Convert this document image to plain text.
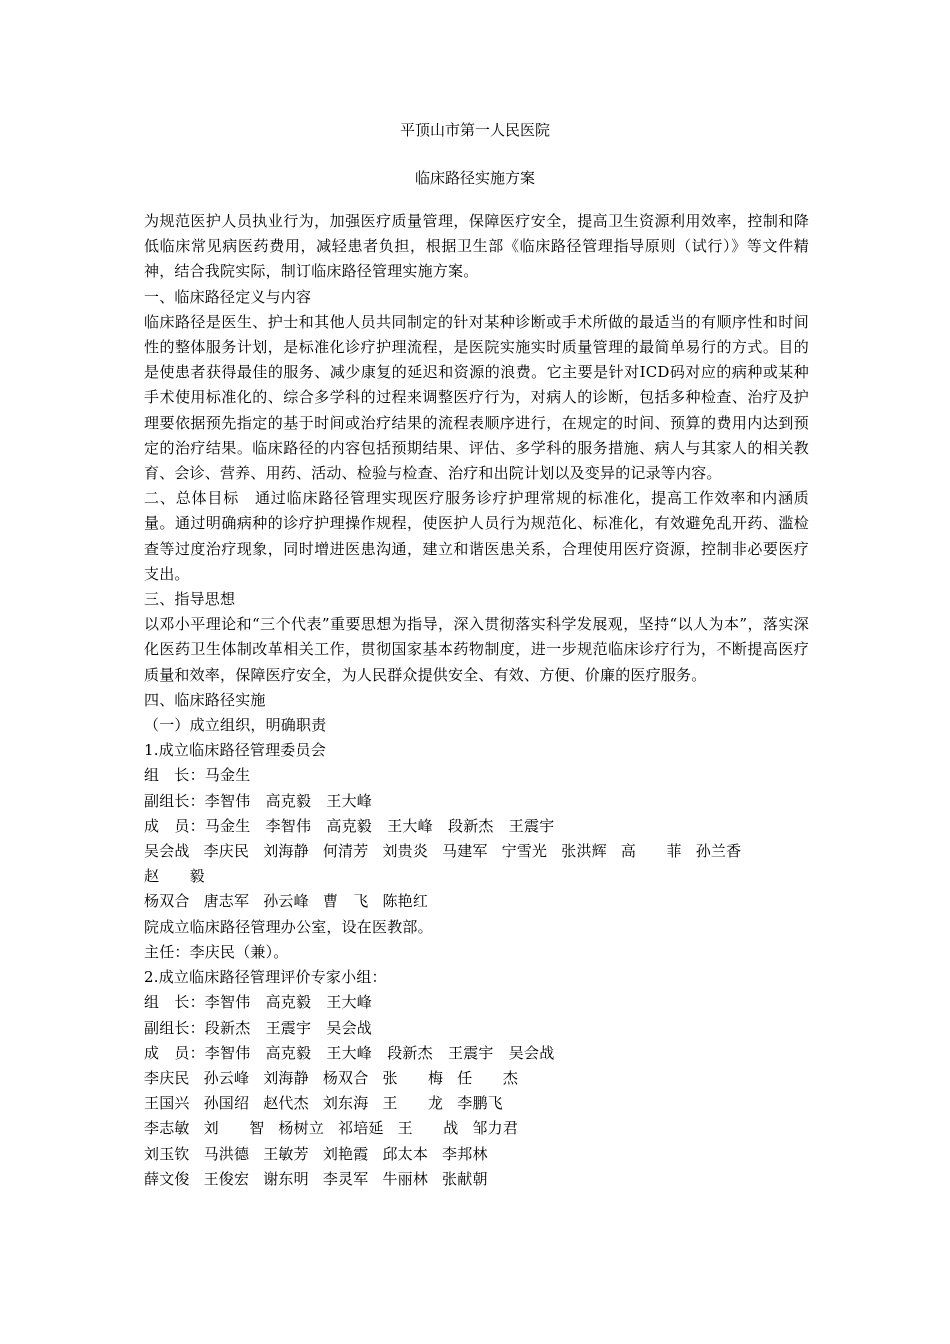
平顶山市第一人民医院
临床路径实施方案

为规范医护人员执业行为，加强医疗质量管理，保障医疗安全，提高卫生资源利用效率，控制和降低临床常见病医药费用，减轻患者负担，根据卫生部《临床路径管理指导原则（试行）》等文件精神，结合我院实际，制订临床路径管理实施方案。

一、临床路径定义与内容

临床路径是医生、护士和其他人员共同制定的针对某种诊断或手术所做的最适当的有顺序性和时间性的整体服务计划，是标准化诊疗护理流程，是医院实施实时质量管理的最简单易行的方式。目的是使患者获得最佳的服务、减少康复的延迟和资源的浪费。它主要是针对ICD码对应的病种或某种手术使用标准化的、综合多学科的过程来调整医疗行为，对病人的诊断，包括多种检查、治疗及护理要依据预先指定的基于时间或治疗结果的流程表顺序进行，在规定的时间、预算的费用内达到预定的治疗结果。临床路径的内容包括预期结果、评估、多学科的服务措施、病人与其家人的相关教育、会诊、营养、用药、活动、检验与检查、治疗和出院计划以及变异的记录等内容。

二、总体目标　通过临床路径管理实现医疗服务诊疗护理常规的标准化，提高工作效率和内涵质量。通过明确病种的诊疗护理操作规程，使医护人员行为规范化、标准化，有效避免乱开药、滥检查等过度治疗现象，同时增进医患沟通，建立和谐医患关系，合理使用医疗资源，控制非必要医疗支出。

三、指导思想

以邓小平理论和“三个代表”重要思想为指导，深入贯彻落实科学发展观，坚持“以人为本”，落实深化医药卫生体制改革相关工作，贯彻国家基本药物制度，进一步规范临床诊疗行为，不断提高医疗质量和效率，保障医疗安全，为人民群众提供安全、有效、方便、价廉的医疗服务。

四、临床路径实施

（一）成立组织，明确职责

1.成立临床路径管理委员会

组　长：马金生

副组长：李智伟　高克毅　王大峰

成　员：马金生　李智伟　高克毅　王大峰　段新杰　王震宇

吴会战 李庆民 刘海静 何清芳 刘贵炎 马建军 宁雪光 张洪辉 高　　菲 孙兰香赵　　毅

杨双合 唐志军 孙云峰 曹　飞 陈艳红

院成立临床路径管理办公室，设在医教部。

主任：李庆民（兼）。

2.成立临床路径管理评价专家小组：

组　长：李智伟　高克毅　王大峰

副组长：段新杰　王震宇　吴会战

成　员：李智伟　高克毅　王大峰　段新杰　王震宇　吴会战

李庆民 孙云峰 刘海静 杨双合 张　　梅 任　　杰

王国兴 孙国绍 赵代杰 刘东海 王　　龙 李鹏飞

李志敏 刘　　智 杨树立 祁培延 王　　战 邹力君

刘玉钦 马洪德 王敏芳 刘艳霞 邱太本 李邦林

薛文俊 王俊宏 谢东明 李灵军 牛丽林 张献朝
